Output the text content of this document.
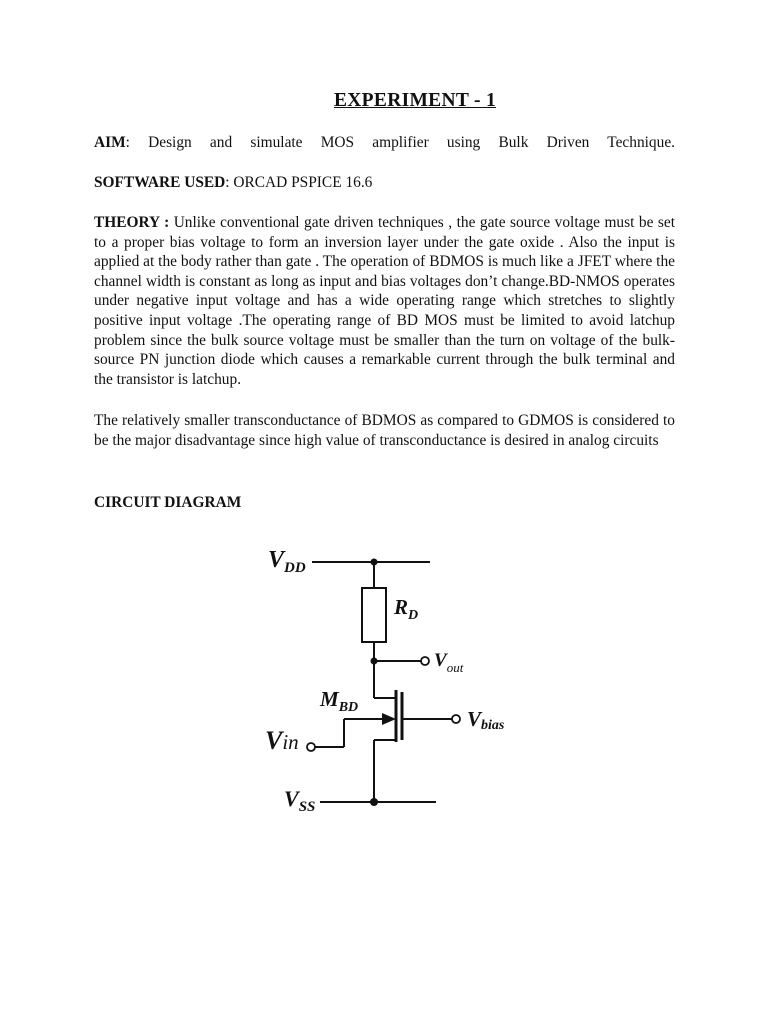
EXPERIMENT - 1

AIM: Design and simulate MOS amplifier using Bulk Driven Technique.

SOFTWARE USED: ORCAD PSPICE 16.6

THEORY : Unlike conventional gate driven techniques , the gate source voltage must be set to a proper bias voltage to form an inversion layer under the gate oxide . Also the input is applied at the body rather than gate . The operation of BDMOS is much like a JFET where the channel width is constant as long as input and bias voltages don’t change.BD-NMOS operates under negative input voltage and has a wide operating range which stretches to slightly positive input voltage .The operating range of BD MOS must be limited to avoid latchup problem since the bulk source voltage must be smaller than the turn on voltage of the bulk-source PN junction diode which causes a remarkable current through the bulk terminal and the transistor is latchup.

The relatively smaller transconductance of BDMOS as compared to GDMOS is considered to be the major disadvantage since high value of transconductance is desired in analog circuits

CIRCUIT DIAGRAM
$V_{DD}$
$R_D$
$V_{out}$
$M_{BD}$	Vbias
Vin
$V_{SS}$
